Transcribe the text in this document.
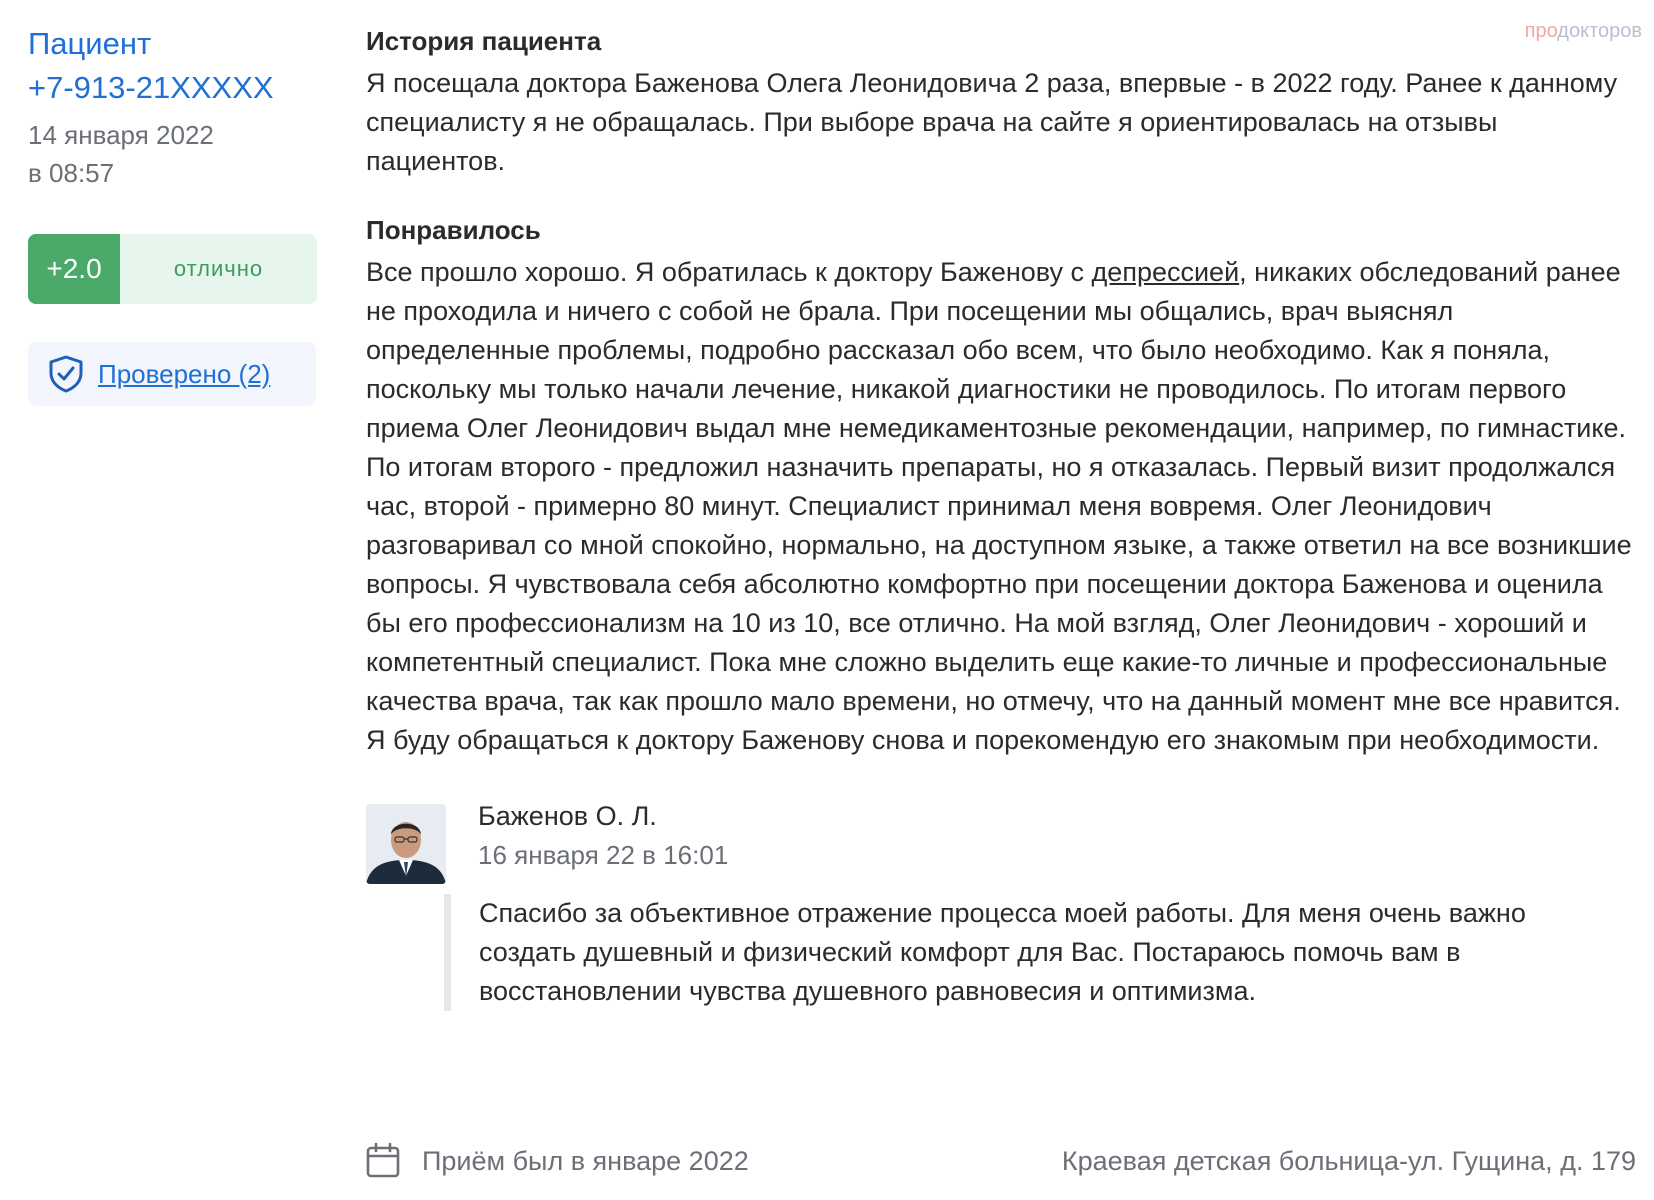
продокторов
Пациент
+7-913-21XXXXX
14 января 2022
в 08:57
+2.0	отлично
Проверено (2)
История пациента

Я посещала доктора Баженова Олега Леонидовича 2 раза, впервые - в 2022 году. Ранее к данному специалисту я не обращалась. При выборе врача на сайте я ориентировалась на отзывы пациентов.

Понравилось

Все прошло хорошо. Я обратилась к доктору Баженову с депрессией, никаких обследований ранее не проходила и ничего с собой не брала. При посещении мы общались, врач выяснял определенные проблемы, подробно рассказал обо всем, что было необходимо. Как я поняла, поскольку мы только начали лечение, никакой диагностики не проводилось. По итогам первого приема Олег Леонидович выдал мне немедикаментозные рекомендации, например, по гимнастике. По итогам второго - предложил назначить препараты, но я отказалась. Первый визит продолжался час, второй - примерно 80 минут. Специалист принимал меня вовремя. Олег Леонидович разговаривал со мной спокойно, нормально, на доступном языке, а также ответил на все возникшие вопросы. Я чувствовала себя абсолютно комфортно при посещении доктора Баженова и оценила бы его профессионализм на 10 из 10, все отлично. На мой взгляд, Олег Леонидович - хороший и компетентный специалист. Пока мне сложно выделить еще какие-то личные и профессиональные качества врача, так как прошло мало времени, но отмечу, что на данный момент мне все нравится. Я буду обращаться к доктору Баженову снова и порекомендую его знакомым при необходимости.

Баженов О. Л.
16 января 22 в 16:01

Спасибо за объективное отражение процесса моей работы. Для меня очень важно создать душевный и физический комфорт для Вас. Постараюсь помочь вам в восстановлении чувства душевного равновесия и оптимизма.

Приём был в январе 2022	Краевая детская больница-ул. Гущина, д. 179
